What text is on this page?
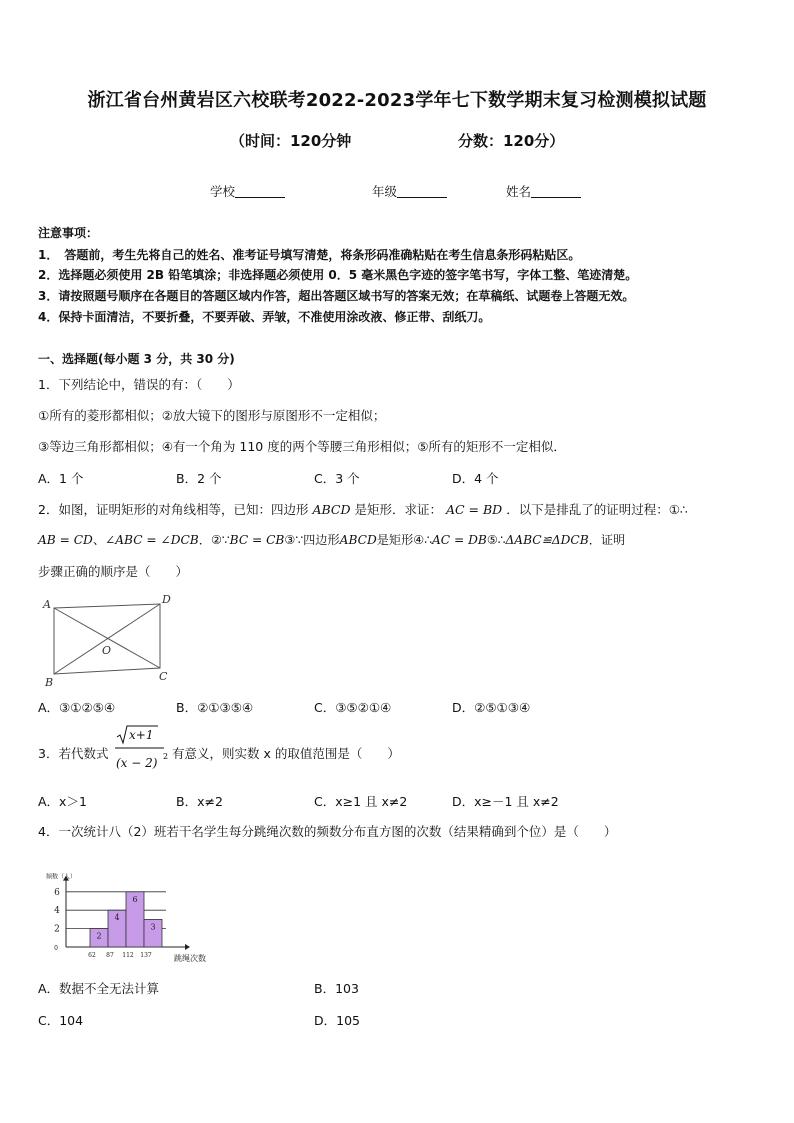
浙江省台州黄岩区六校联考2022-2023学年七下数学期末复习检测模拟试题
（时间：120分钟	分数：120分）
学校	年级	姓名
注意事项：
1．　答题前，考生先将自己的姓名、准考证号填写清楚，将条形码准确粘贴在考生信息条形码粘贴区。
2．选择题必须使用 2B 铅笔填涂；非选择题必须使用 0．5 毫米黑色字迹的签字笔书写，字体工整、笔迹清楚。
3．请按照题号顺序在各题目的答题区域内作答，超出答题区域书写的答案无效；在草稿纸、试题卷上答题无效。
4．保持卡面清洁，不要折叠，不要弄破、弄皱，不准使用涂改液、修正带、刮纸刀。
一、选择题(每小题 3 分，共 30 分)
1．下列结论中，错误的有：（　　）
①所有的菱形都相似；②放大镜下的图形与原图形不一定相似；
③等边三角形都相似；④有一个角为 110 度的两个等腰三角形相似；⑤所有的矩形不一定相似．
A．1 个	B．2 个	C．3 个	D．4 个
2．如图，证明矩形的对角线相等，已知：四边形 ABCD 是矩形．求证： AC = BD ．以下是排乱了的证明过程：①∴
AB = CD、∠ABC = ∠DCB．②∵BC = CB③∵四边形ABCD是矩形④∴AC = DB⑤∴ΔABC≌ΔDCB．证明
步骤正确的顺序是（　　）
A	D
B	C
O
A．③①②⑤④	B．②①③⑤④	C．③⑤②①④	D．②⑤①③④
3．若代数式
x+1
(x − 2) 2 有意义，则实数 x 的取值范围是（　　）
A．x＞1	B．x≠2	C．x≥1 且 x≠2	D．x≥－1 且 x≠2
4．一次统计八（2）班若干名学生每分跳绳次数的频数分布直方图的次数（结果精确到个位）是（　　）
0
2
4
6
频数（人）
2
62
4
87
6
112
3
137	跳绳次数
A．数据不全无法计算	B．103
C．104	D．105
